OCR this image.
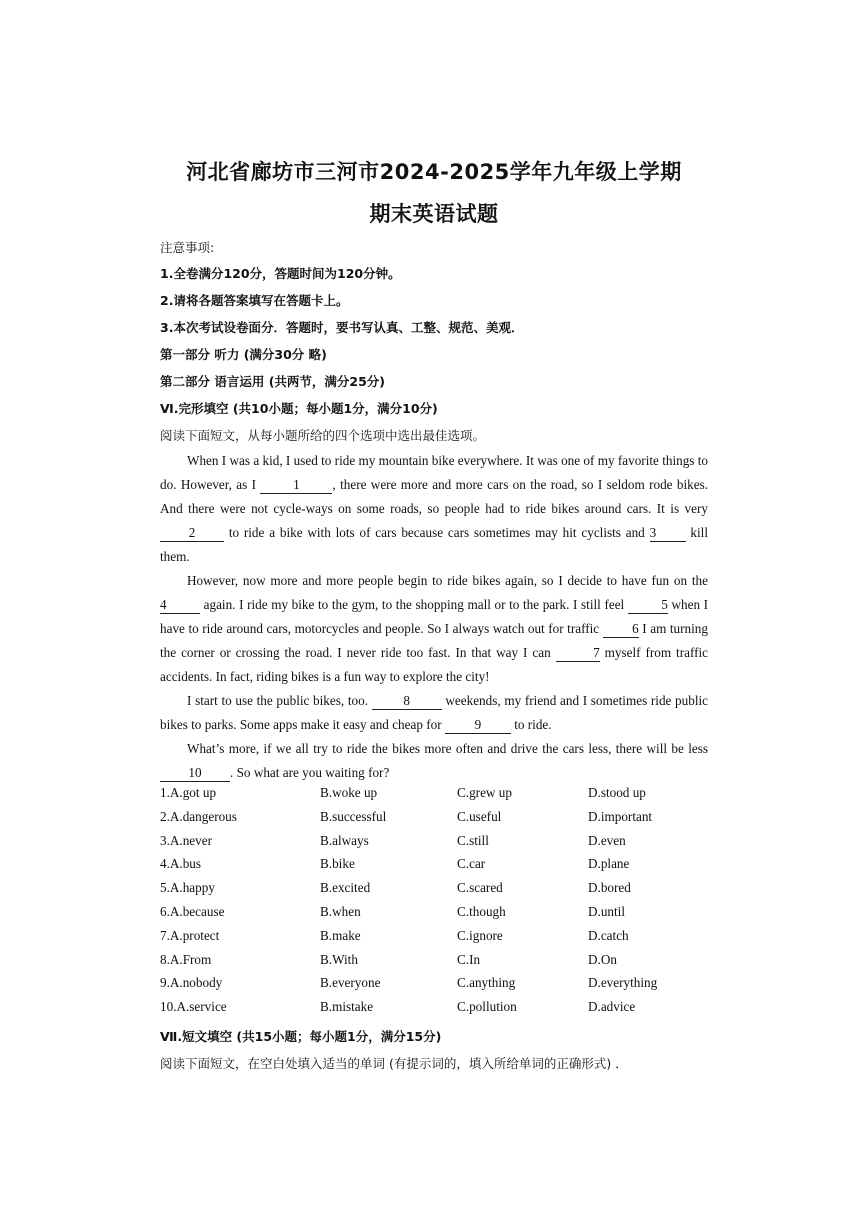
河北省廊坊市三河市2024-2025学年九年级上学期
期末英语试题
注意事项:
1.全卷满分120分，答题时间为120分钟。
2.请将各题答案填写在答题卡上。
3.本次考试设卷面分．答题时，要书写认真、工整、规范、美观．
第一部分 听力 (满分30分 略)
第二部分 语言运用 (共两节，满分25分)
Ⅵ.完形填空 (共10小题；每小题1分，满分10分)
阅读下面短文，从每小题所给的四个选项中选出最佳选项。

When I was a kid, I used to ride my mountain bike everywhere. It was one of my favorite things to do. However, as I	1 , there were more and more cars on the road, so I seldom rode bikes. And there were not cycle-ways on some roads, so people had to ride bikes around cars. It is very 2	to ride a bike with lots of cars because cars sometimes may hit cyclists and 3	kill them.

However, now more and more people begin to ride bikes again, so I decide to have fun on the 4	again. I ride my bike to the gym, to the shopping mall or to the park. I still feel	5 when I have to ride around cars, motorcycles and people. So I always watch out for traffic 6 I am turning the corner or crossing the road. I never ride too fast. In that way I can	7 myself from traffic accidents. In fact, riding bikes is a fun way to explore the city!

I start to use the public bikes, too.	8	weekends, my friend and I sometimes ride public bikes to parks. Some apps make it easy and cheap for	9	to ride.

What’s more, if we all try to ride the bikes more often and drive the cars less, there will be less 10 . So what are you waiting for?

1.A.got up	B.woke up	C.grew up	D.stood up
2.A.dangerous	B.successful	C.useful	D.important
3.A.never	B.always	C.still	D.even
4.A.bus	B.bike	C.car	D.plane
5.A.happy	B.excited	C.scared	D.bored
6.A.because	B.when	C.though	D.until
7.A.protect	B.make	C.ignore	D.catch
8.A.From	B.With	C.In	D.On
9.A.nobody	B.everyone	C.anything	D.everything
10.A.service	B.mistake	C.pollution	D.advice
Ⅶ.短文填空 (共15小题；每小题1分，满分15分)
阅读下面短文，在空白处填入适当的单词 (有提示词的，填入所给单词的正确形式) ．
